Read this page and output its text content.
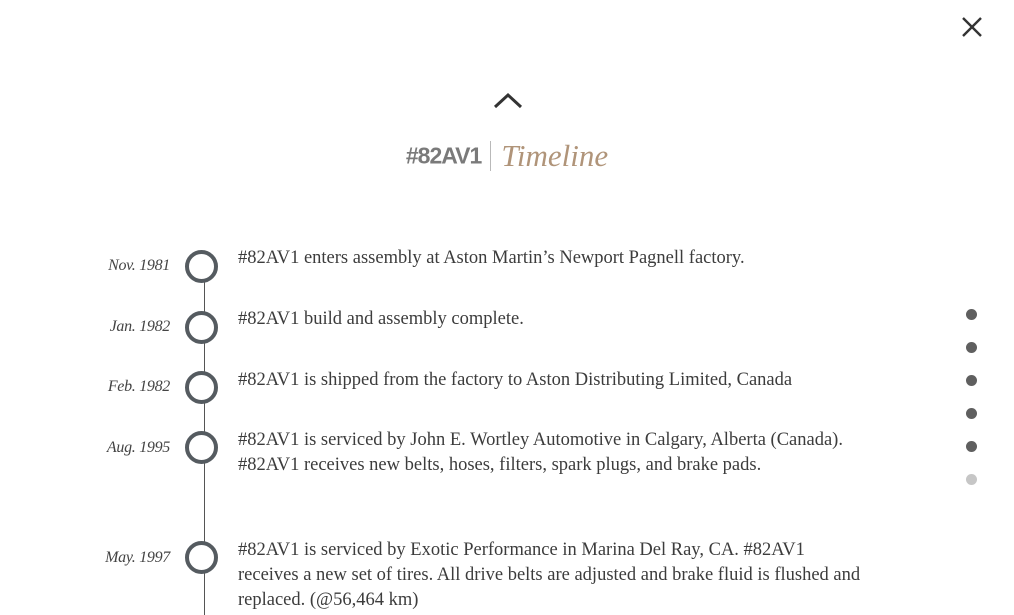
#82AV1 Timeline
Nov. 1981	#82AV1 enters assembly at Aston Martin’s Newport Pagnell factory.
Jan. 1982	#82AV1 build and assembly complete.
Feb. 1982	#82AV1 is shipped from the factory to Aston Distributing Limited, Canada
Aug. 1995	#82AV1 is serviced by John E. Wortley Automotive in Calgary, Alberta (Canada). #82AV1 receives new belts, hoses, filters, spark plugs, and brake pads.
May. 1997	#82AV1 is serviced by Exotic Performance in Marina Del Ray, CA. #82AV1 receives a new set of tires. All drive belts are adjusted and brake fluid is flushed and replaced. (@56,464 km)
